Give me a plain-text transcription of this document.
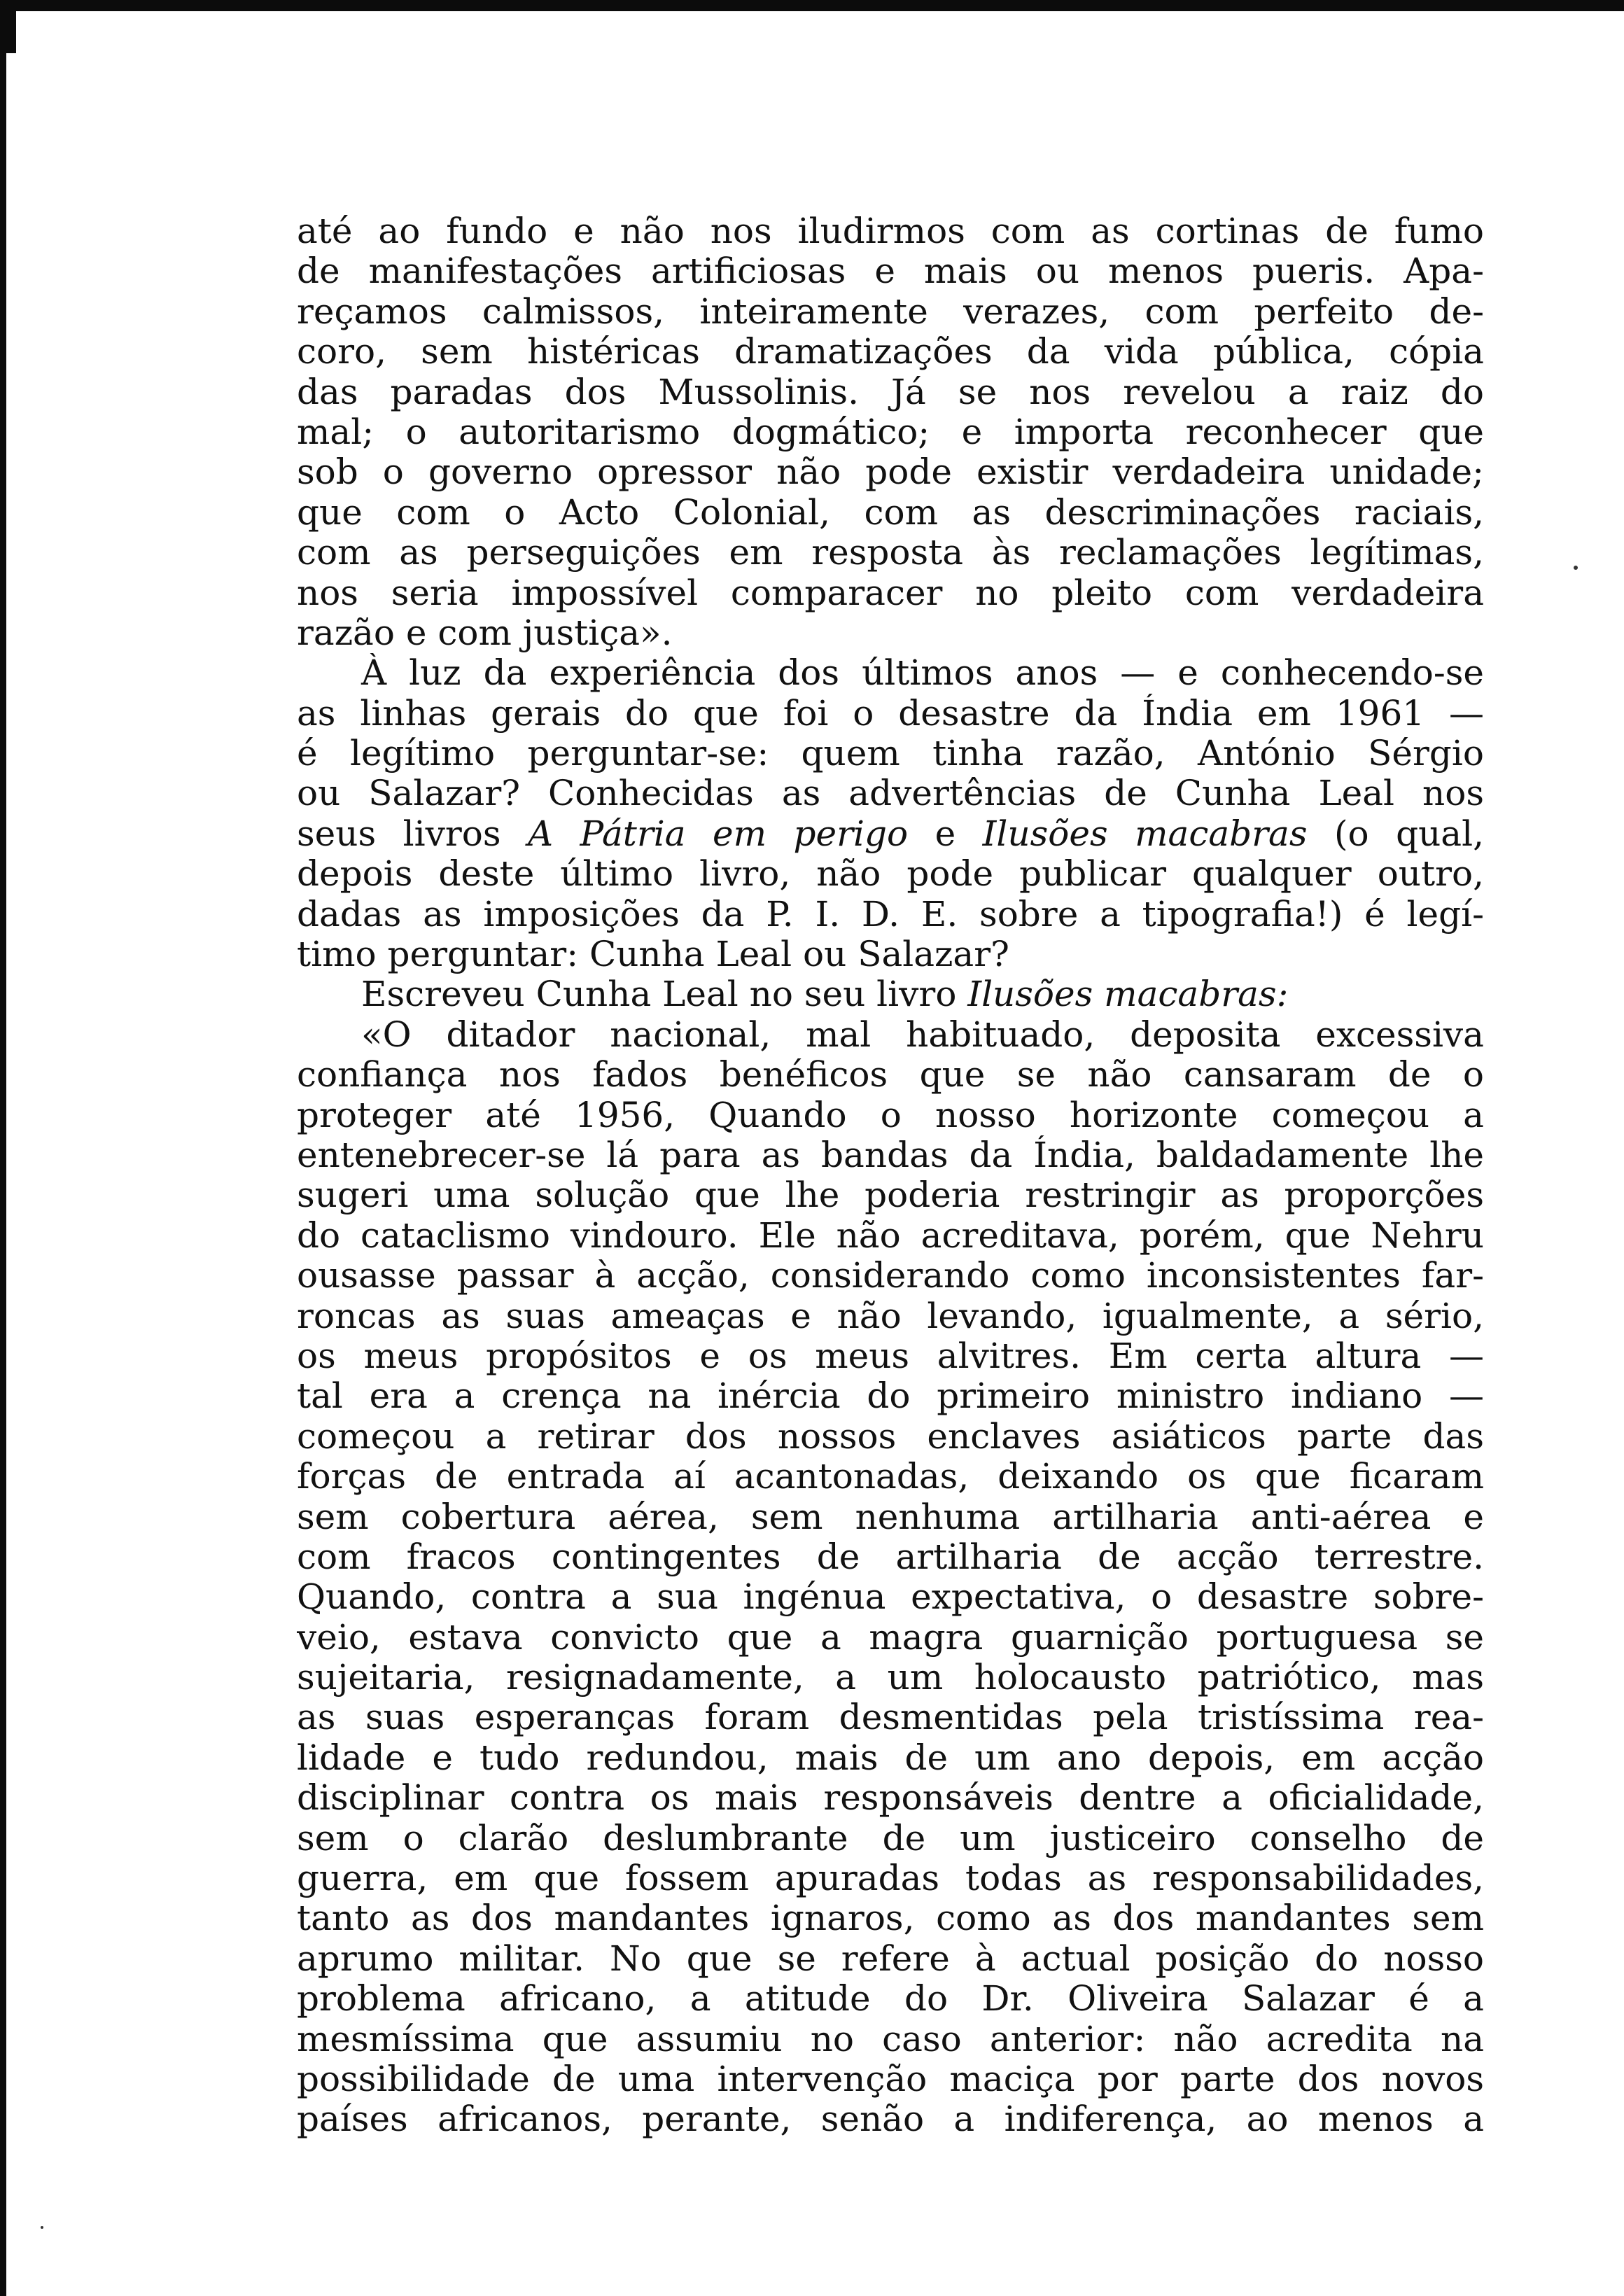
até ao fundo e não nos iludirmos com as cortinas de fumo
de manifestações artificiosas e mais ou menos pueris. Apa-
reçamos calmissos, inteiramente verazes, com perfeito de-
coro, sem histéricas dramatizações da vida pública, cópia
das paradas dos Mussolinis. Já se nos revelou a raiz do
mal; o autoritarismo dogmático; e importa reconhecer que
sob o governo opressor não pode existir verdadeira unidade;
que com o Acto Colonial, com as descriminações raciais,
com as perseguições em resposta às reclamações legítimas,
nos seria impossível comparacer no pleito com verdadeira
razão e com justiça».
À luz da experiência dos últimos anos — e conhecendo-se
as linhas gerais do que foi o desastre da Índia em 1961 —
é legítimo perguntar-se: quem tinha razão, António Sérgio
ou Salazar? Conhecidas as advertências de Cunha Leal nos
seus livros A Pátria em perigo e Ilusões macabras (o qual,
depois deste último livro, não pode publicar qualquer outro,
dadas as imposições da P. I. D. E. sobre a tipografia!) é legí-
timo perguntar: Cunha Leal ou Salazar?
Escreveu Cunha Leal no seu livro Ilusões macabras:
«O ditador nacional, mal habituado, deposita excessiva
confiança nos fados benéficos que se não cansaram de o
proteger até 1956, Quando o nosso horizonte começou a
entenebrecer-se lá para as bandas da Índia, baldadamente lhe
sugeri uma solução que lhe poderia restringir as proporções
do cataclismo vindouro. Ele não acreditava, porém, que Nehru
ousasse passar à acção, considerando como inconsistentes far-
roncas as suas ameaças e não levando, igualmente, a sério,
os meus propósitos e os meus alvitres. Em certa altura —
tal era a crença na inércia do primeiro ministro indiano —
começou a retirar dos nossos enclaves asiáticos parte das
forças de entrada aí acantonadas, deixando os que ficaram
sem cobertura aérea, sem nenhuma artilharia anti-aérea e
com fracos contingentes de artilharia de acção terrestre.
Quando, contra a sua ingénua expectativa, o desastre sobre-
veio, estava convicto que a magra guarnição portuguesa se
sujeitaria, resignadamente, a um holocausto patriótico, mas
as suas esperanças foram desmentidas pela tristíssima rea-
lidade e tudo redundou, mais de um ano depois, em acção
disciplinar contra os mais responsáveis dentre a oficialidade,
sem o clarão deslumbrante de um justiceiro conselho de
guerra, em que fossem apuradas todas as responsabilidades,
tanto as dos mandantes ignaros, como as dos mandantes sem
aprumo militar. No que se refere à actual posição do nosso
problema africano, a atitude do Dr. Oliveira Salazar é a
mesmíssima que assumiu no caso anterior: não acredita na
possibilidade de uma intervenção maciça por parte dos novos
países africanos, perante, senão a indiferença, ao menos a
